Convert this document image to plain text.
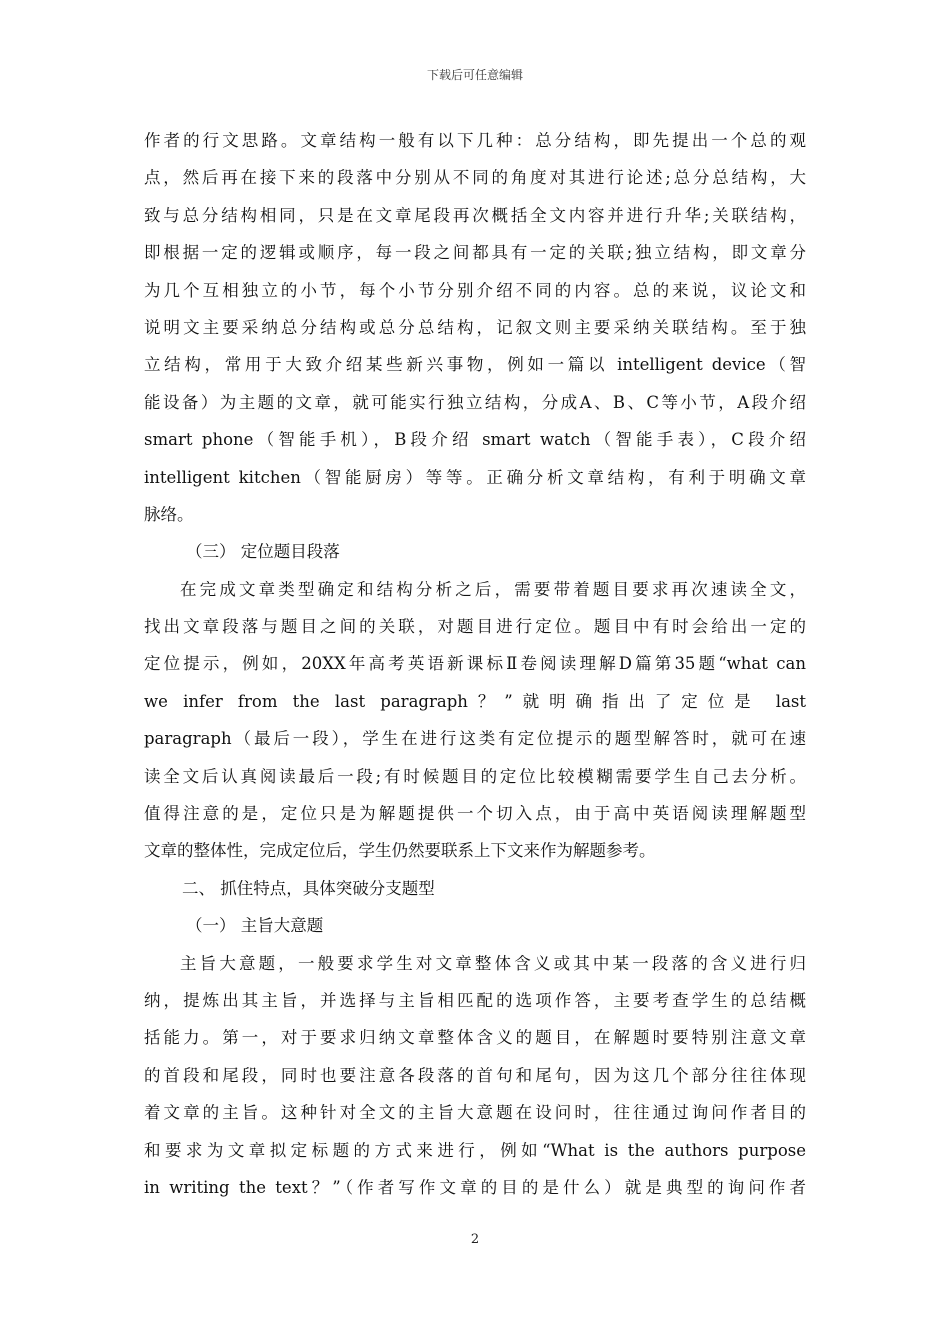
下载后可任意编辑
作者的行文思路。文章结构一般有以下几种：总分结构，即先提出一个总的观
点，然后再在接下来的段落中分别从不同的角度对其进行论述;总分总结构，大
致与总分结构相同，只是在文章尾段再次概括全文内容并进行升华;关联结构，
即根据一定的逻辑或顺序，每一段之间都具有一定的关联;独立结构，即文章分
为几个互相独立的小节，每个小节分别介绍不同的内容。总的来说，议论文和
说明文主要采纳总分结构或总分总结构，记叙文则主要采纳关联结构。至于独
立结构，常用于大致介绍某些新兴事物，例如一篇以 intelligent device（智
能设备）为主题的文章，就可能实行独立结构，分成A、B、C等小节，A段介绍
smart phone（智能手机），B段介绍 smart watch（智能手表），C段介绍
intelligent kitchen（智能厨房）等等。正确分析文章结构，有利于明确文章
脉络。
（三） 定位题目段落
在完成文章类型确定和结构分析之后，需要带着题目要求再次速读全文，
找出文章段落与题目之间的关联，对题目进行定位。题目中有时会给出一定的
定位提示，例如，20XX年高考英语新课标Ⅱ卷阅读理解D篇第35题“what can
we infer from the last paragraph？”就明确指出了定位是 last
paragraph（最后一段），学生在进行这类有定位提示的题型解答时，就可在速
读全文后认真阅读最后一段;有时候题目的定位比较模糊需要学生自己去分析。
值得注意的是，定位只是为解题提供一个切入点，由于高中英语阅读理解题型
文章的整体性，完成定位后，学生仍然要联系上下文来作为解题参考。
二、 抓住特点，具体突破分支题型
（一） 主旨大意题
主旨大意题，一般要求学生对文章整体含义或其中某一段落的含义进行归
纳，提炼出其主旨，并选择与主旨相匹配的选项作答，主要考查学生的总结概
括能力。第一，对于要求归纳文章整体含义的题目，在解题时要特别注意文章
的首段和尾段，同时也要注意各段落的首句和尾句，因为这几个部分往往体现
着文章的主旨。这种针对全文的主旨大意题在设问时，往往通过询问作者目的
和要求为文章拟定标题的方式来进行，例如“What is the authors purpose
in writing the text？”（作者写作文章的目的是什么）就是典型的询问作者
2
